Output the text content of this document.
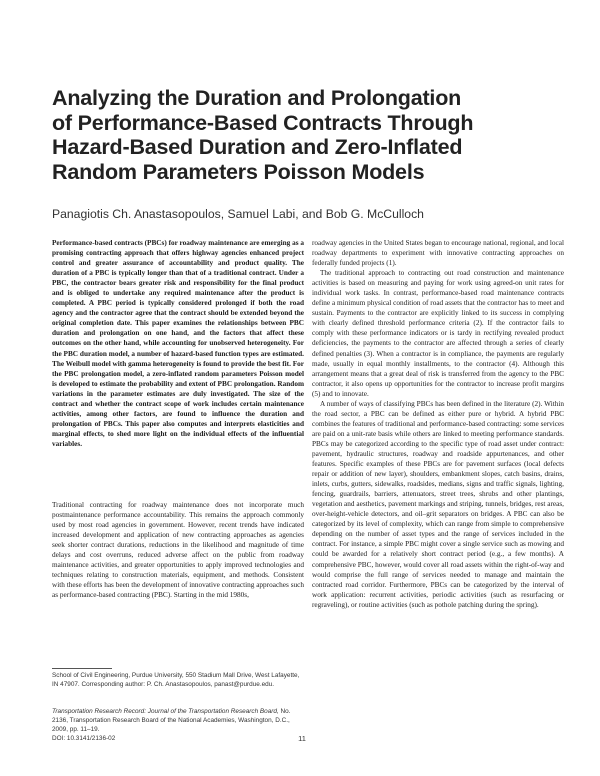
Analyzing the Duration and Prolongation
of Performance-Based Contracts Through
Hazard-Based Duration and Zero-Inflated
Random Parameters Poisson Models
Panagiotis Ch. Anastasopoulos, Samuel Labi, and Bob G. McCulloch

Performance-based contracts (PBCs) for roadway maintenance are emerging as a promising contracting approach that offers highway agencies enhanced project control and greater assurance of accountability and product quality. The duration of a PBC is typically longer than that of a traditional contract. Under a PBC, the contractor bears greater risk and responsibility for the final product and is obliged to undertake any required maintenance after the product is completed. A PBC period is typically considered prolonged if both the road agency and the contractor agree that the contract should be extended beyond the original completion date. This paper examines the relationships between PBC duration and prolongation on one hand, and the factors that affect these outcomes on the other hand, while accounting for unobserved heterogeneity. For the PBC duration model, a number of hazard-based function types are estimated. The Weibull model with gamma heterogeneity is found to provide the best fit. For the PBC prolongation model, a zero-inflated random parameters Poisson model is developed to estimate the probability and extent of PBC prolongation. Random variations in the parameter estimates are duly investigated. The size of the contract and whether the contract scope of work includes certain maintenance activities, among other factors, are found to influence the duration and prolongation of PBCs. This paper also computes and interprets elasticities and marginal effects, to shed more light on the individual effects of the influential variables.

Traditional contracting for roadway maintenance does not incorporate much postmaintenance performance accountability. This remains the approach commonly used by most road agencies in government. However, recent trends have indicated increased development and application of new contracting approaches as agencies seek shorter contract durations, reductions in the likelihood and magnitude of time delays and cost overruns, reduced adverse affect on the public from roadway maintenance activities, and greater opportunities to apply improved technologies and techniques relating to construction materials, equipment, and methods. Consistent with these efforts has been the development of innovative contracting approaches such as performance-based contracting (PBC). Starting in the mid 1980s,

School of Civil Engineering, Purdue University, 550 Stadium Mall Drive, West Lafayette, IN 47907. Corresponding author: P. Ch. Anastasopoulos, panast@purdue.edu.

Transportation Research Record: Journal of the Transportation Research Board, No. 2136, Transportation Research Board of the National Academies, Washington, D.C., 2009, pp. 11–19.

DOI: 10.3141/2136-02

roadway agencies in the United States began to encourage national, regional, and local roadway departments to experiment with innovative contracting approaches on federally funded projects (1).

The traditional approach to contracting out road construction and maintenance activities is based on measuring and paying for work using agreed-on unit rates for individual work tasks. In contrast, performance-based road maintenance contracts define a minimum physical condition of road assets that the contractor has to meet and sustain. Payments to the contractor are explicitly linked to its success in complying with clearly defined threshold performance criteria (2). If the contractor fails to comply with these performance indicators or is tardy in rectifying revealed product deficiencies, the payments to the contractor are affected through a series of clearly defined penalties (3). When a contractor is in compliance, the payments are regularly made, usually in equal monthly installments, to the contractor (4). Although this arrangement means that a great deal of risk is transferred from the agency to the PBC contractor, it also opens up opportunities for the contractor to increase profit margins (5) and to innovate.

A number of ways of classifying PBCs has been defined in the literature (2). Within the road sector, a PBC can be defined as either pure or hybrid. A hybrid PBC combines the features of traditional and performance-based contracting: some services are paid on a unit-rate basis while others are linked to meeting performance standards. PBCs may be categorized according to the specific type of road asset under contract: pavement, hydraulic structures, roadway and roadside appurtenances, and other features. Specific examples of these PBCs are for pavement surfaces (local defects repair or addition of new layer), shoulders, embankment slopes, catch basins, drains, inlets, curbs, gutters, sidewalks, roadsides, medians, signs and traffic signals, lighting, fencing, guardrails, barriers, attenuators, street trees, shrubs and other plantings, vegetation and aesthetics, pavement markings and striping, tunnels, bridges, rest areas, over-height-vehicle detectors, and oil–grit separators on bridges. A PBC can also be categorized by its level of complexity, which can range from simple to comprehensive depending on the number of asset types and the range of services included in the contract. For instance, a simple PBC might cover a single service such as mowing and could be awarded for a relatively short contract period (e.g., a few months). A comprehensive PBC, however, would cover all road assets within the right-of-way and would comprise the full range of services needed to manage and maintain the contracted road corridor. Furthermore, PBCs can be categorized by the interval of work application: recurrent activities, periodic activities (such as resurfacing or regraveling), or routine activities (such as pothole patching during the spring).

11
